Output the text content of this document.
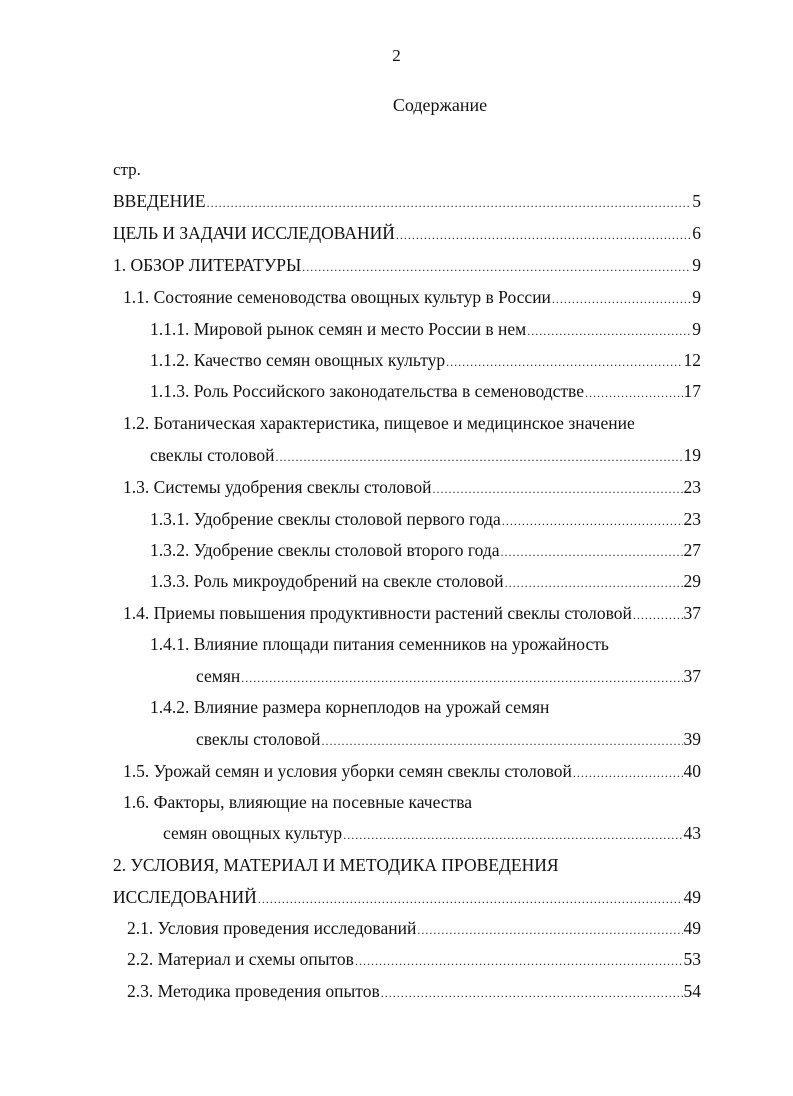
2
Содержание
стр.
ВВЕДЕНИЕ .....	5
ЦЕЛЬ И ЗАДАЧИ ИССЛЕДОВАНИЙ .....	6
1. ОБЗОР ЛИТЕРАТУРЫ .....	9
1.1. Состояние семеноводства овощных культур в России .....	9
1.1.1. Мировой рынок семян и место России в нем .....	9
1.1.2. Качество семян овощных культур .....	12
1.1.3. Роль Российского законодательства в семеноводстве .....	17
1.2. Ботаническая характеристика, пищевое и медицинское значение
свеклы столовой .....	19
1.3. Системы удобрения свеклы столовой .....	23
1.3.1. Удобрение свеклы столовой первого года .....	23
1.3.2. Удобрение свеклы столовой второго года .....	27
1.3.3. Роль микроудобрений на свекле столовой .....	29
1.4. Приемы повышения продуктивности растений свеклы столовой .....	37
1.4.1. Влияние площади питания семенников на урожайность
семян .....	37
1.4.2. Влияние размера корнеплодов на урожай семян
свеклы столовой .....	39
1.5. Урожай семян и условия уборки семян свеклы столовой .....	40
1.6. Факторы, влияющие на посевные качества
семян овощных культур .....	43
2. УСЛОВИЯ, МАТЕРИАЛ И МЕТОДИКА ПРОВЕДЕНИЯ
ИССЛЕДОВАНИЙ .....	49
2.1. Условия проведения исследований .....	49
2.2. Материал и схемы опытов .....	53
2.3. Методика проведения опытов .....	54
